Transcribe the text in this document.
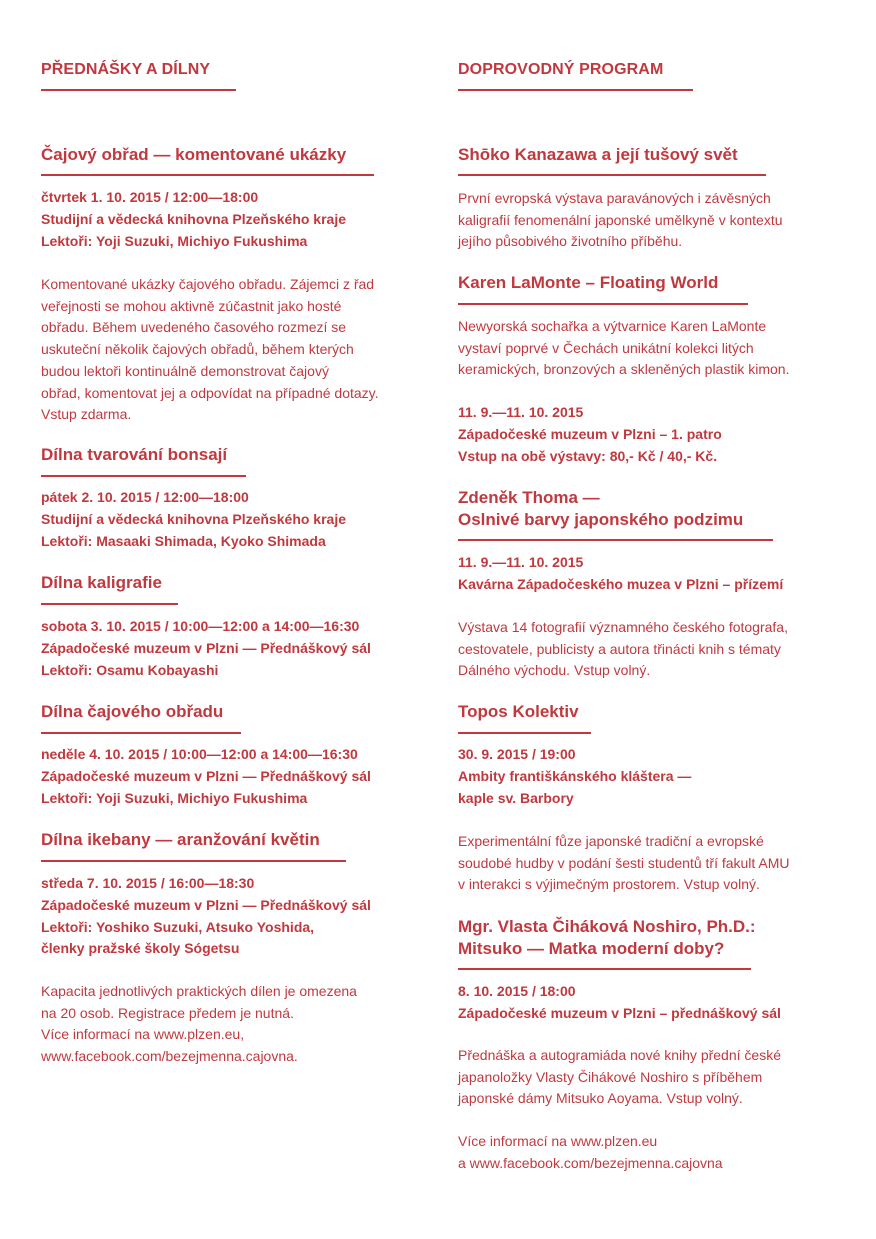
PŘEDNÁŠKY A DÍLNY
Čajový obřad — komentované ukázky
čtvrtek 1. 10. 2015 / 12:00—18:00
Studijní a vědecká knihovna Plzeňského kraje
Lektoři: Yoji Suzuki, Michiyo Fukushima
Komentované ukázky čajového obřadu. Zájemci z řad
veřejnosti se mohou aktivně zúčastnit jako hosté
obřadu. Během uvedeného časového rozmezí se
uskuteční několik čajových obřadů, během kterých
budou lektoři kontinuálně demonstrovat čajový
obřad, komentovat jej a odpovídat na případné dotazy.
Vstup zdarma.
Dílna tvarování bonsají
pátek 2. 10. 2015 / 12:00—18:00
Studijní a vědecká knihovna Plzeňského kraje
Lektoři: Masaaki Shimada, Kyoko Shimada
Dílna kaligrafie
sobota 3. 10. 2015 / 10:00—12:00 a 14:00—16:30
Západočeské muzeum v Plzni — Přednáškový sál
Lektoři: Osamu Kobayashi
Dílna čajového obřadu
neděle 4. 10. 2015 / 10:00—12:00 a 14:00—16:30
Západočeské muzeum v Plzni — Přednáškový sál
Lektoři: Yoji Suzuki, Michiyo Fukushima
Dílna ikebany — aranžování květin
středa 7. 10. 2015 / 16:00—18:30
Západočeské muzeum v Plzni — Přednáškový sál
Lektoři: Yoshiko Suzuki, Atsuko Yoshida,
členky pražské školy Sógetsu
Kapacita jednotlivých praktických dílen je omezena
na 20 osob. Registrace předem je nutná.
Více informací na www.plzen.eu,
www.facebook.com/bezejmenna.cajovna.
DOPROVODNÝ PROGRAM
Shōko Kanazawa a její tušový svět
První evropská výstava paravánových i závěsných
kaligrafií fenomenální japonské umělkyně v kontextu
jejího působivého životního příběhu.
Karen LaMonte – Floating World
Newyorská sochařka a výtvarnice Karen LaMonte
vystaví poprvé v Čechách unikátní kolekci litých
keramických, bronzových a skleněných plastik kimon.
11. 9.—11. 10. 2015
Západočeské muzeum v Plzni – 1. patro
Vstup na obě výstavy: 80,- Kč / 40,- Kč.
Zdeněk Thoma —
Oslnivé barvy japonského podzimu
11. 9.—11. 10. 2015
Kavárna Západočeského muzea v Plzni – přízemí
Výstava 14 fotografií významného českého fotografa,
cestovatele, publicisty a autora třinácti knih s tématy
Dálného východu. Vstup volný.
Topos Kolektiv
30. 9. 2015 / 19:00
Ambity františkánského kláštera —
kaple sv. Barbory
Experimentální fůze japonské tradiční a evropské
soudobé hudby v podání šesti studentů tří fakult AMU
v interakci s výjimečným prostorem. Vstup volný.
Mgr. Vlasta Čiháková Noshiro, Ph.D.:
Mitsuko — Matka moderní doby?
8. 10. 2015 / 18:00
Západočeské muzeum v Plzni – přednáškový sál
Přednáška a autogramiáda nové knihy přední české
japanoložky Vlasty Čihákové Noshiro s příběhem
japonské dámy Mitsuko Aoyama. Vstup volný.
Více informací na www.plzen.eu
a www.facebook.com/bezejmenna.cajovna
